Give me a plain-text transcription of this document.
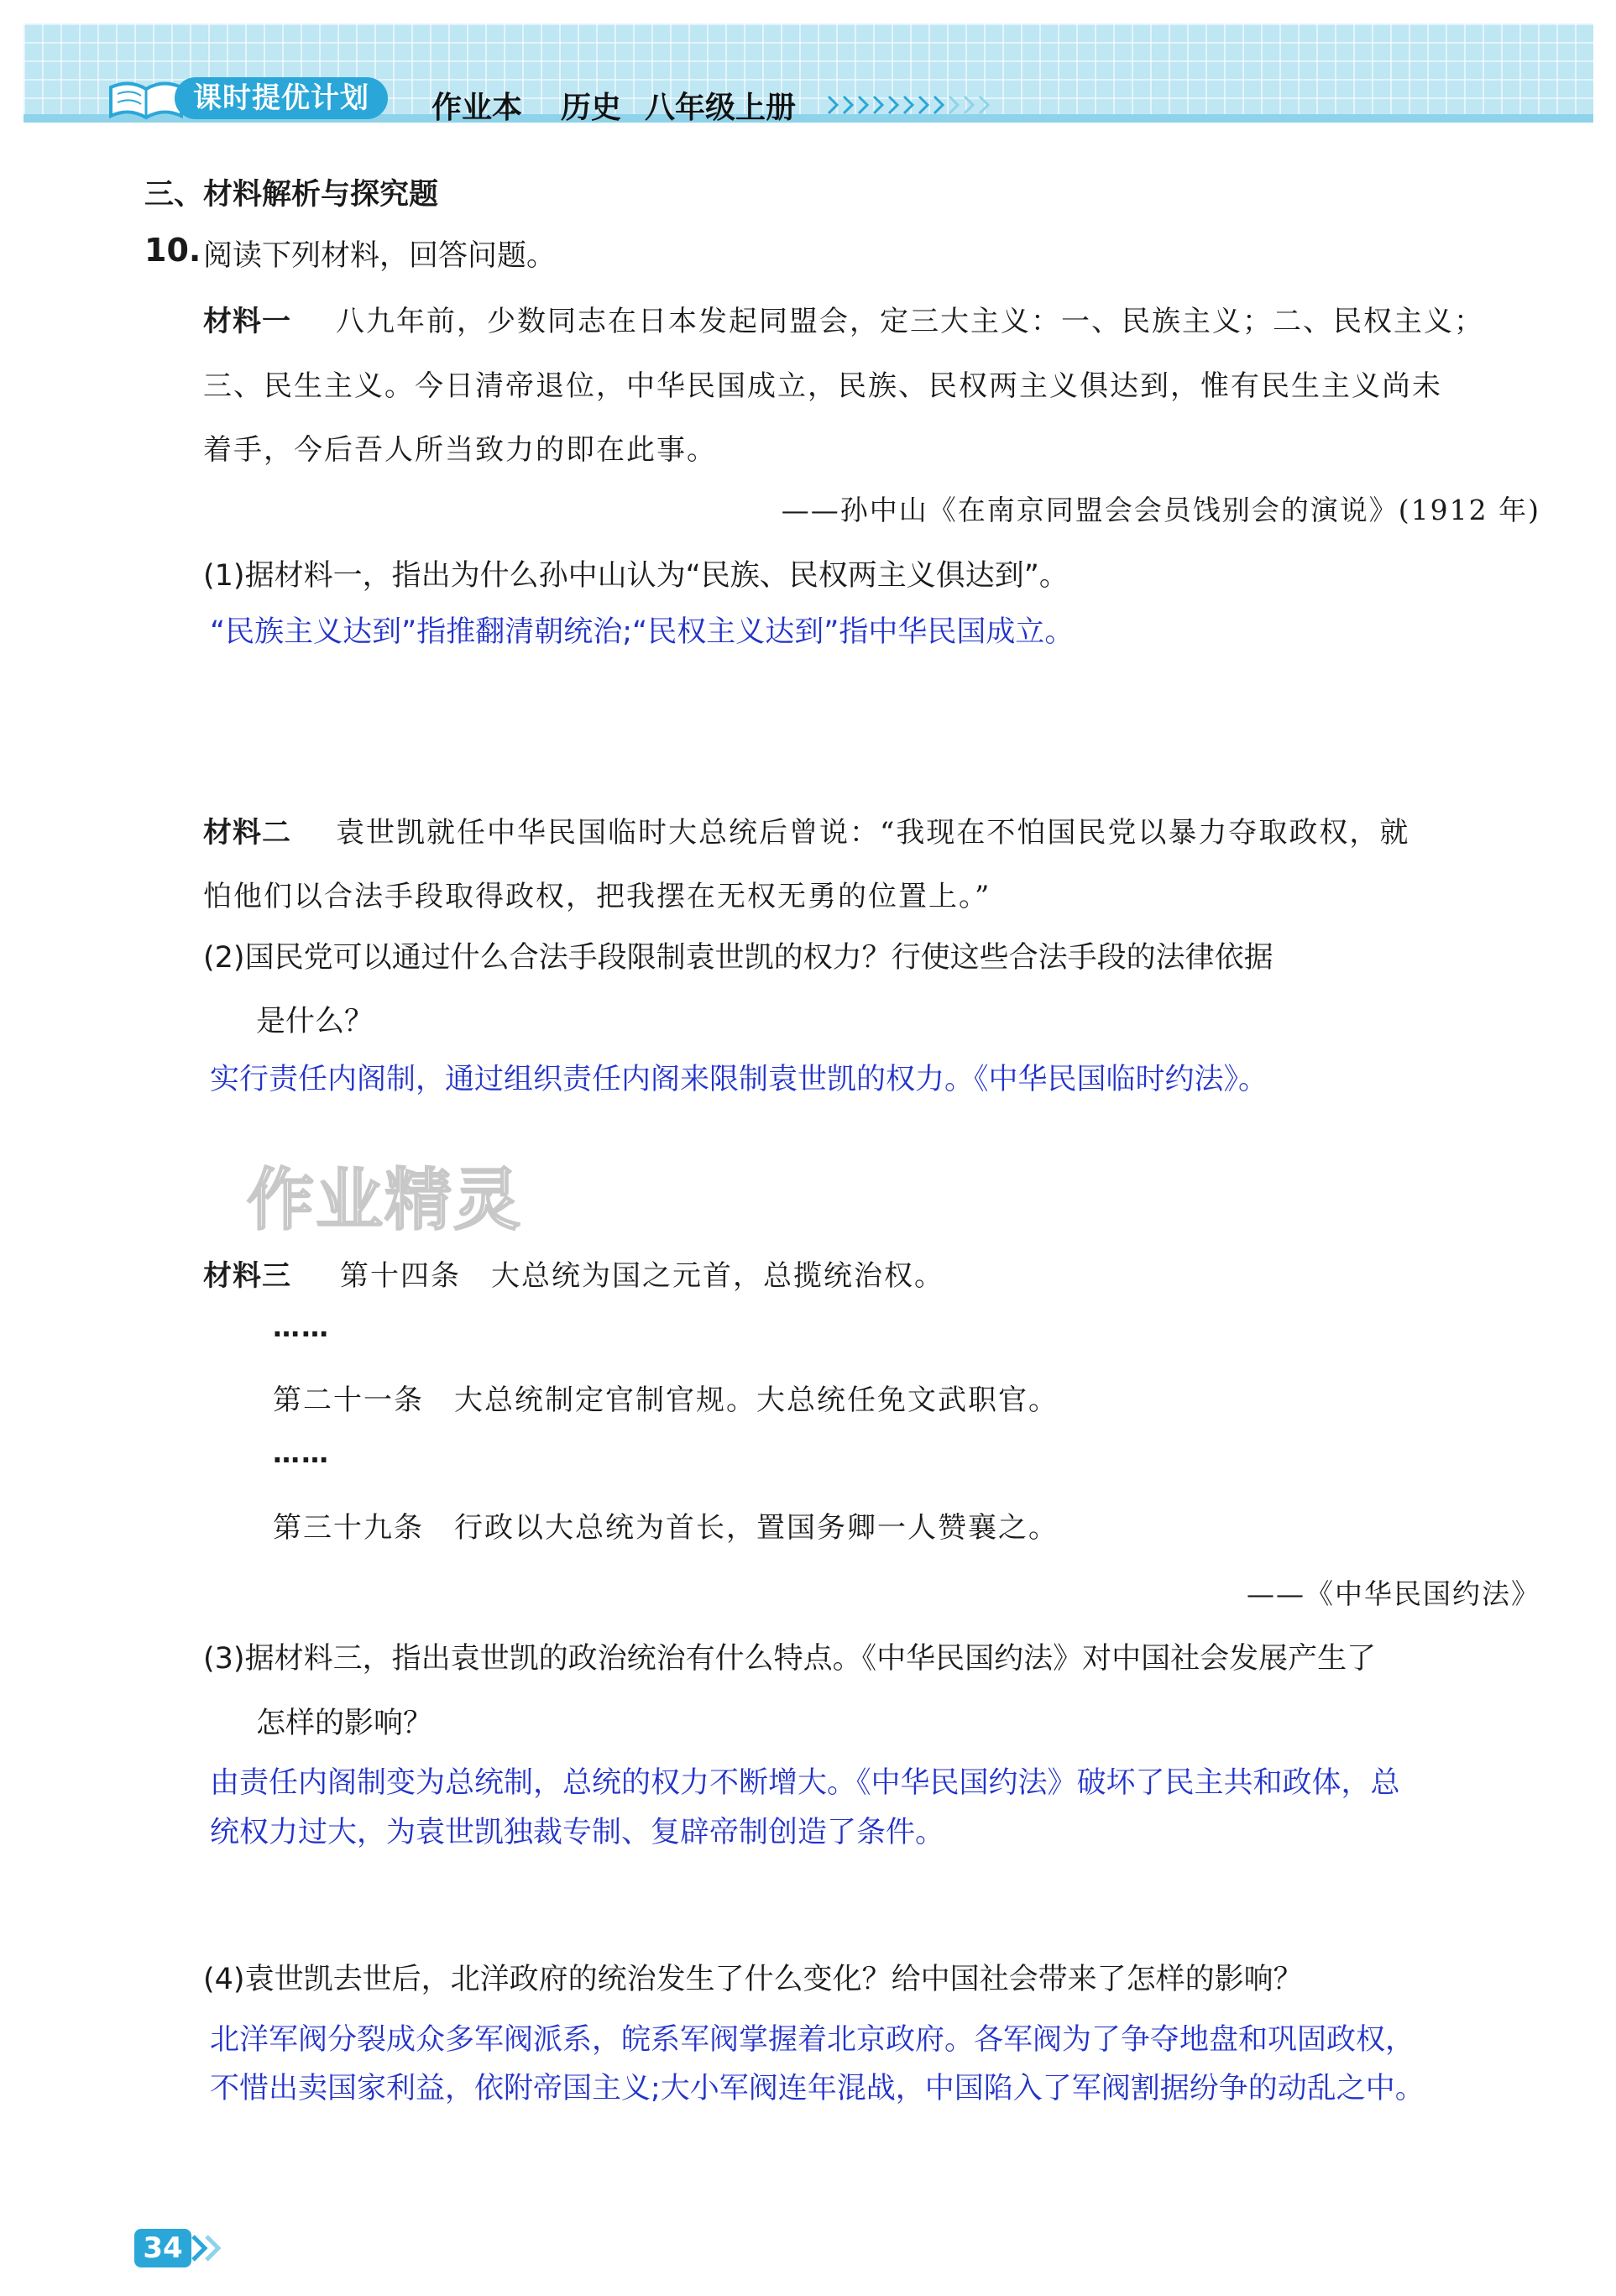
课时提优计划	作业本 历史 八年级上册
三、材料解析与探究题
10. 阅读下列材料，回答问题。
材料一 八九年前，少数同志在日本发起同盟会，定三大主义：一、民族主义；二、民权主义；
三、民生主义。今日清帝退位，中华民国成立，民族、民权两主义俱达到，惟有民生主义尚未
着手，今后吾人所当致力的即在此事。
——孙中山《在南京同盟会会员饯别会的演说》(1912 年)
(1)据材料一，指出为什么孙中山认为“民族、民权两主义俱达到”。
“民族主义达到”指推翻清朝统治;“民权主义达到”指中华民国成立。
材料二 袁世凯就任中华民国临时大总统后曾说：“我现在不怕国民党以暴力夺取政权，就
怕他们以合法手段取得政权，把我摆在无权无勇的位置上。”
(2)国民党可以通过什么合法手段限制袁世凯的权力？行使这些合法手段的法律依据
是什么？
实行责任内阁制，通过组织责任内阁来限制袁世凯的权力。《中华民国临时约法》。
作业精灵
材料三 第十四条　大总统为国之元首，总揽统治权。
……
第二十一条　大总统制定官制官规。大总统任免文武职官。
……
第三十九条　行政以大总统为首长，置国务卿一人赞襄之。
——《中华民国约法》
(3)据材料三，指出袁世凯的政治统治有什么特点。《中华民国约法》对中国社会发展产生了
怎样的影响？
由责任内阁制变为总统制，总统的权力不断增大。《中华民国约法》破坏了民主共和政体，总
统权力过大，为袁世凯独裁专制、复辟帝制创造了条件。
(4)袁世凯去世后，北洋政府的统治发生了什么变化？给中国社会带来了怎样的影响？
北洋军阀分裂成众多军阀派系，皖系军阀掌握着北京政府。各军阀为了争夺地盘和巩固政权，
不惜出卖国家利益，依附帝国主义;大小军阀连年混战，中国陷入了军阀割据纷争的动乱之中。
34
